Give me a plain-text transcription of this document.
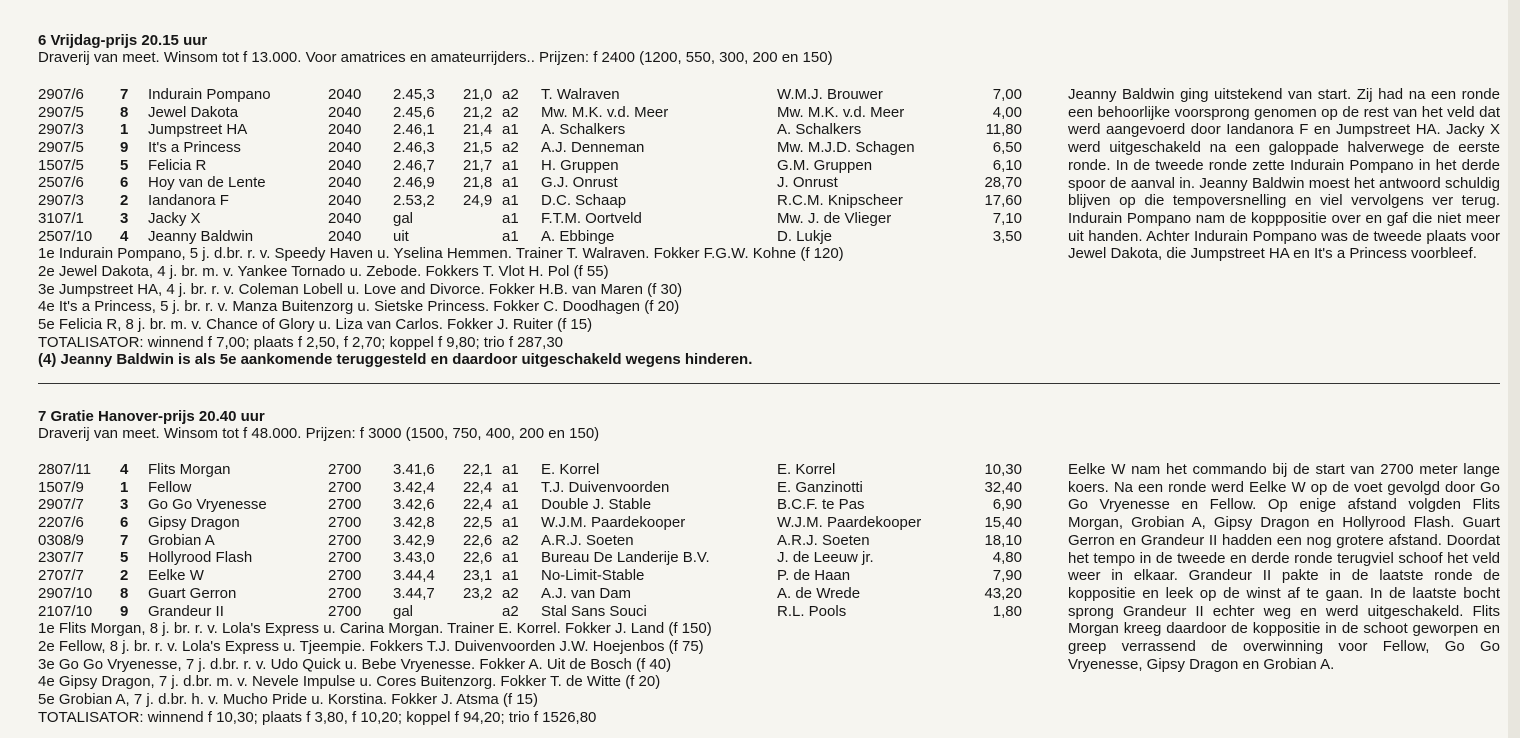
6 Vrijdag-prijs 20.15 uur

Draverij van meet. Winsom tot f 13.000. Voor amatrices en amateurrijders.. Prijzen: f 2400 (1200, 550, 300, 200 en 150)

2907/6 7 Indurain Pompano	2040 2.45,3 21,0 a2 T. Walraven	W.M.J. Brouwer	7,00
2907/5 8 Jewel Dakota	2040 2.45,6 21,2 a2 Mw. M.K. v.d. Meer	Mw. M.K. v.d. Meer	4,00
2907/3 1 Jumpstreet HA	2040 2.46,1 21,4 a1 A. Schalkers	A. Schalkers	11,80
2907/5 9 It's a Princess	2040 2.46,3 21,5 a2 A.J. Denneman	Mw. M.J.D. Schagen	6,50
1507/5 5 Felicia R	2040 2.46,7 21,7 a1 H. Gruppen	G.M. Gruppen	6,10
2507/6 6 Hoy van de Lente	2040 2.46,9 21,8 a1 G.J. Onrust	J. Onrust	28,70
2907/3 2 Iandanora F	2040 2.53,2 24,9 a1 D.C. Schaap	R.C.M. Knipscheer	17,60
3107/1 3 Jacky X	2040 gal	a1 F.T.M. Oortveld	Mw. J. de Vlieger	7,10
2507/10 4 Jeanny Baldwin	2040 uit	a1 A. Ebbinge	D. Lukje	3,50
1e Indurain Pompano, 5 j. d.br. r. v. Speedy Haven u. Yselina Hemmen. Trainer T. Walraven. Fokker F.G.W. Kohne (f 120)
2e Jewel Dakota, 4 j. br. m. v. Yankee Tornado u. Zebode. Fokkers T. Vlot H. Pol (f 55)
3e Jumpstreet HA, 4 j. br. r. v. Coleman Lobell u. Love and Divorce. Fokker H.B. van Maren (f 30)
4e It's a Princess, 5 j. br. r. v. Manza Buitenzorg u. Sietske Princess. Fokker C. Doodhagen (f 20)
5e Felicia R, 8 j. br. m. v. Chance of Glory u. Liza van Carlos. Fokker J. Ruiter (f 15)
TOTALISATOR: winnend f 7,00; plaats f 2,50, f 2,70; koppel f 9,80; trio f 287,30
(4) Jeanny Baldwin is als 5e aankomende teruggesteld en daardoor uitgeschakeld wegens hinderen.

Jeanny Baldwin ging uitstekend van start. Zij had na een ronde een behoorlijke voorsprong genomen op de rest van het veld dat werd aangevoerd door Iandanora F en Jumpstreet HA. Jacky X werd uitgeschakeld na een galoppade halverwege de eerste ronde. In de tweede ronde zette Indurain Pompano in het derde spoor de aanval in. Jeanny Baldwin moest het antwoord schuldig blijven op die tempoversnelling en viel vervolgens ver terug. Indurain Pompano nam de kopppositie over en gaf die niet meer uit handen. Achter Indurain Pompano was de tweede plaats voor Jewel Dakota, die Jumpstreet HA en It's a Princess voorbleef.

7 Gratie Hanover-prijs 20.40 uur

Draverij van meet. Winsom tot f 48.000. Prijzen: f 3000 (1500, 750, 400, 200 en 150)

2807/11 4 Flits Morgan	2700 3.41,6 22,1 a1 E. Korrel	E. Korrel	10,30
1507/9 1 Fellow	2700 3.42,4 22,4 a1 T.J. Duivenvoorden	E. Ganzinotti	32,40
2907/7 3 Go Go Vryenesse	2700 3.42,6 22,4 a1 Double J. Stable	B.C.F. te Pas	6,90
2207/6 6 Gipsy Dragon	2700 3.42,8 22,5 a1 W.J.M. Paardekooper	W.J.M. Paardekooper	15,40
0308/9 7 Grobian A	2700 3.42,9 22,6 a2 A.R.J. Soeten	A.R.J. Soeten	18,10
2307/7 5 Hollyrood Flash	2700 3.43,0 22,6 a1 Bureau De Landerije B.V.	J. de Leeuw jr.	4,80
2707/7 2 Eelke W	2700 3.44,4 23,1 a1 No-Limit-Stable	P. de Haan	7,90
2907/10 8 Guart Gerron	2700 3.44,7 23,2 a2 A.J. van Dam	A. de Wrede	43,20
2107/10 9 Grandeur II	2700 gal	a2 Stal Sans Souci	R.L. Pools	1,80
1e Flits Morgan, 8 j. br. r. v. Lola's Express u. Carina Morgan. Trainer E. Korrel. Fokker J. Land (f 150)
2e Fellow, 8 j. br. r. v. Lola's Express u. Tjeempie. Fokkers T.J. Duivenvoorden J.W. Hoejenbos (f 75)
3e Go Go Vryenesse, 7 j. d.br. r. v. Udo Quick u. Bebe Vryenesse. Fokker A. Uit de Bosch (f 40)
4e Gipsy Dragon, 7 j. d.br. m. v. Nevele Impulse u. Cores Buitenzorg. Fokker T. de Witte (f 20)
5e Grobian A, 7 j. d.br. h. v. Mucho Pride u. Korstina. Fokker J. Atsma (f 15)
TOTALISATOR: winnend f 10,30; plaats f 3,80, f 10,20; koppel f 94,20; trio f 1526,80

Eelke W nam het commando bij de start van 2700 meter lange koers. Na een ronde werd Eelke W op de voet gevolgd door Go Go Vryenesse en Fellow. Op enige afstand volgden Flits Morgan, Grobian A, Gipsy Dragon en Hollyrood Flash. Guart Gerron en Grandeur II hadden een nog grotere afstand. Doordat het tempo in de tweede en derde ronde terugviel schoof het veld weer in elkaar. Grandeur II pakte in de laatste ronde de koppositie en leek op de winst af te gaan. In de laatste bocht sprong Grandeur II echter weg en werd uitgeschakeld. Flits Morgan kreeg daardoor de koppositie in de schoot geworpen en greep verrassend de overwinning voor Fellow, Go Go Vryenesse, Gipsy Dragon en Grobian A.
